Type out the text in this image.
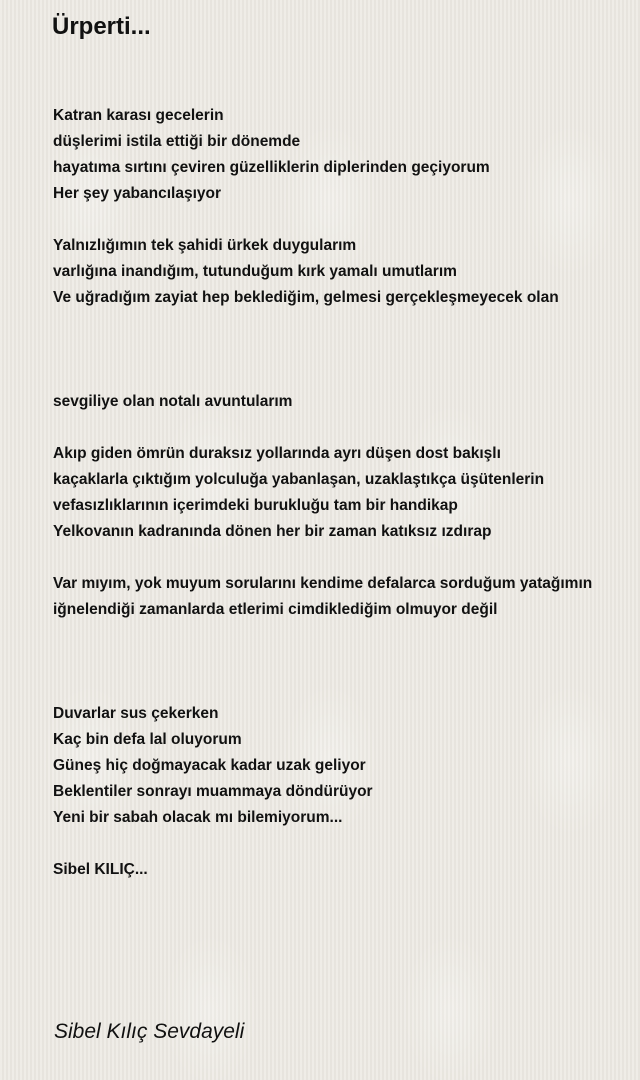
Ürperti...
Katran karası gecelerin
düşlerimi istila ettiği bir dönemde
hayatıma sırtını çeviren güzelliklerin diplerinden geçiyorum
Her şey yabancılaşıyor
Yalnızlığımın tek şahidi ürkek duygularım
varlığına inandığım, tutunduğum kırk yamalı umutlarım
Ve uğradığım zayiat hep beklediğim, gelmesi gerçekleşmeyecek olan
sevgiliye olan notalı avuntularım
Akıp giden ömrün duraksız yollarında ayrı düşen dost bakışlı
kaçaklarla çıktığım yolculuğa yabanlaşan, uzaklaştıkça üşütenlerin
vefasızlıklarının içerimdeki burukluğu tam bir handikap
Yelkovanın kadranında dönen her bir zaman katıksız ızdırap
Var mıyım, yok muyum sorularını kendime defalarca sorduğum yatağımın
iğnelendiği zamanlarda etlerimi cimdiklediğim olmuyor değil
Duvarlar sus çekerken
Kaç bin defa lal oluyorum
Güneş hiç doğmayacak kadar uzak geliyor
Beklentiler sonrayı muammaya döndürüyor
Yeni bir sabah olacak mı bilemiyorum...
Sibel KILIÇ...
Sibel Kılıç Sevdayeli
